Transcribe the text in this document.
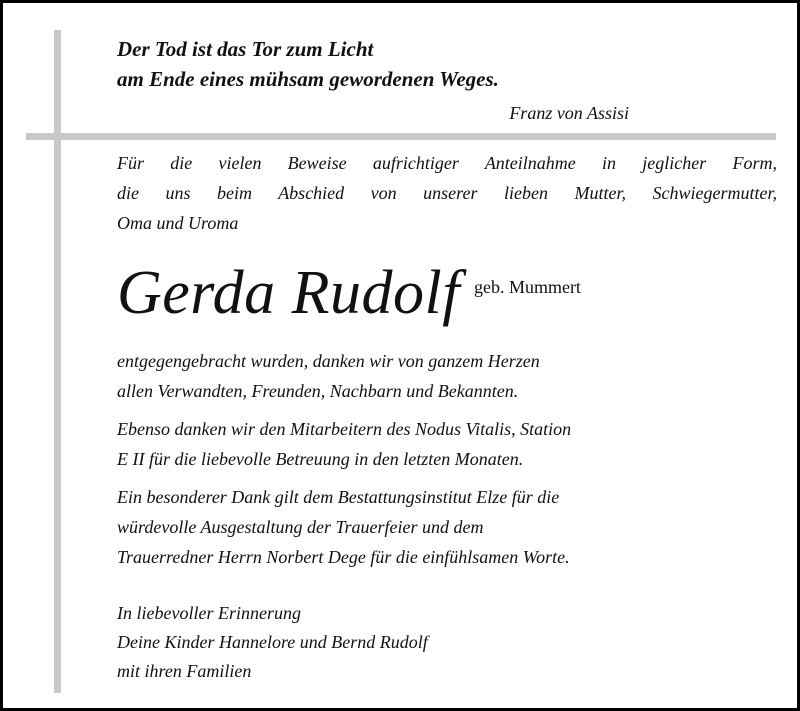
Der Tod ist das Tor zum Licht
am Ende eines mühsam gewordenen Weges.
Franz von Assisi
Für die vielen Beweise aufrichtiger Anteilnahme in jeglicher Form,
die uns beim Abschied von unserer lieben Mutter, Schwiegermutter,
Oma und Uroma
Gerda Rudolf geb. Mummert
entgegengebracht wurden, danken wir von ganzem Herzen
allen Verwandten, Freunden, Nachbarn und Bekannten.
Ebenso danken wir den Mitarbeitern des Nodus Vitalis, Station
E II für die liebevolle Betreuung in den letzten Monaten.
Ein besonderer Dank gilt dem Bestattungsinstitut Elze für die
würdevolle Ausgestaltung der Trauerfeier und dem
Trauerredner Herrn Norbert Dege für die einfühlsamen Worte.
In liebevoller Erinnerung
Deine Kinder Hannelore und Bernd Rudolf
mit ihren Familien
